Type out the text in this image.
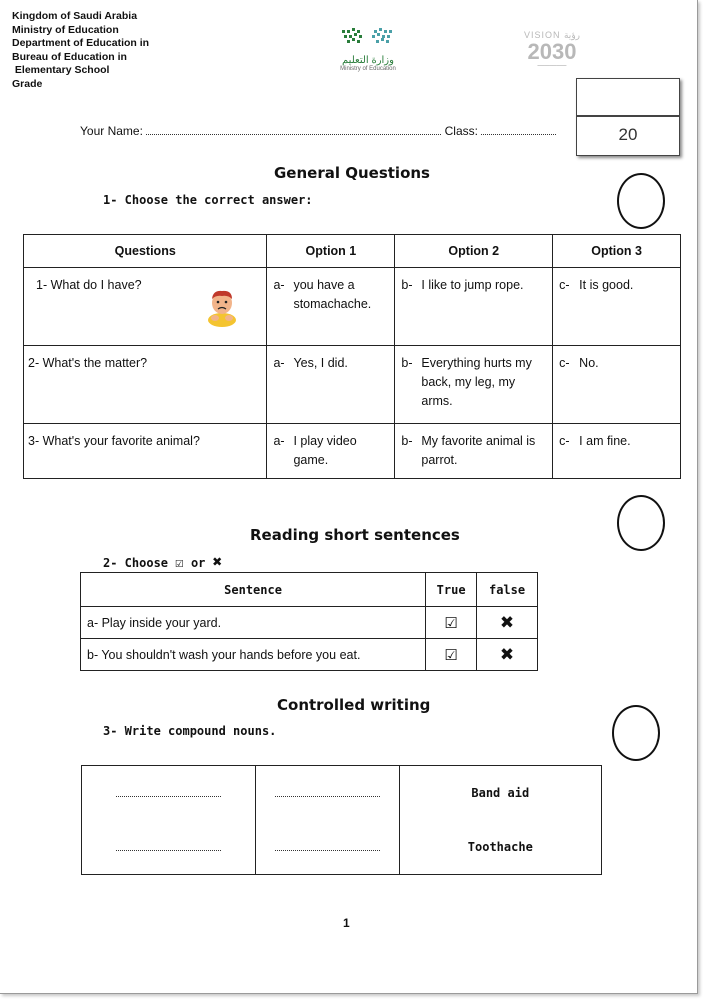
Kingdom of Saudi Arabia
Ministry of Education
Department of Education in
Bureau of Education in
Elementary School
Grade
وزارة التعليم
Ministry of Education
VISION رؤية
2030
━━━━━━━━━━━━
20
Your Name:	Class:
General Questions
1- Choose the correct answer:
Questions	Option 1	Option 2	Option 3
1- What do I have?	a- you have a stomachache.	b- I like to jump rope.	c- It is good.

2- What's the matter?	a- Yes, I did.	b- Everything hurts my back, my leg, my arms.	c- No.

3- What's your favorite animal?	a- I play video game.	b- My favorite animal is parrot.	c- I am fine.
Reading short sentences
2- Choose ☑ or ✖
Sentence	True	false
a- Play inside your yard.	☑	✖
b- You shouldn't wash your hands before you eat.	☑	✖
Controlled writing
3- Write compound nouns.
		Band aid
		Toothache
1
